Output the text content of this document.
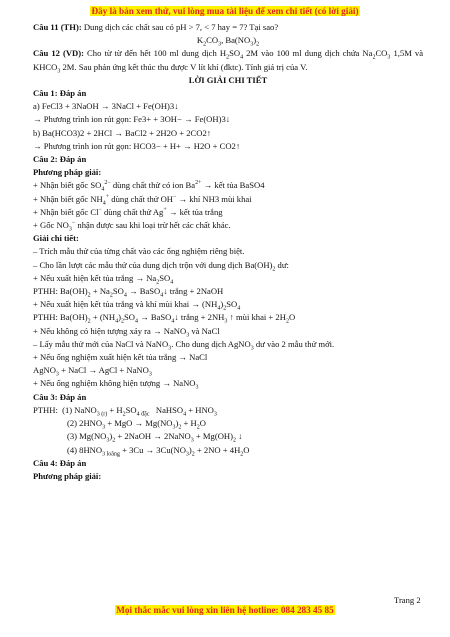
Đây là bản xem thử, vui lòng mua tài liệu để xem chi tiết (có lời giải)
Câu 11 (TH): Dung dịch các chất sau có pH > 7, < 7 hay = 7? Tại sao?
$K_2CO_3$, $Ba(NO_3)_2$
Câu 12 (VD): Cho từ từ đến hết 100 ml dung dịch $H_2SO_4$ 2M vào 100 ml dung dịch chứa $Na_2CO_3$ 1,5M và $KHCO_3$ 2M. Sau phản ứng kết thúc thu được V lít khí (đktc). Tính giá trị của V.
LỜI GIẢI CHI TIẾT
Câu 1: Đáp án
a) FeCl3 + 3NaOH → 3NaCl + Fe(OH)3↓
→ Phương trình ion rút gọn: Fe3+ + 3OH− → Fe(OH)3↓
b) Ba(HCO3)2 + 2HCl → BaCl2 + 2H2O + 2CO2↑
→ Phương trình ion rút gọn: HCO3− + H+ → H2O + CO2↑
Câu 2: Đáp án
Phương pháp giải:
+ Nhận biết gốc $SO_4^{2-}$ dùng chất thử có ion $Ba^{2+}$ → kết tủa BaSO4
+ Nhận biết gốc $NH_4^+$ dùng chất thử OH− → khí NH3 mùi khai
+ Nhận biết gốc Cl− dùng chất thử Ag+ → kết tủa trắng
+ Gốc $NO_3^-$ nhận được sau khi loại trừ hết các chất khác.
Giải chi tiết:
– Trích mẫu thử của từng chất vào các ống nghiệm riêng biệt.
– Cho lần lượt các mẫu thử của dung dịch trộn với dung dịch $Ba(OH)_2$ dư:
+ Nếu xuất hiện kết tủa trắng → $Na_2SO_4$
PTHH: $Ba(OH)_2 + Na_2SO_4$ → BaSO$_4$↓ trắng + 2NaOH
+ Nếu xuất hiện kết tủa trắng và khí mùi khai → $(NH_4)_2SO_4$
PTHH: $Ba(OH)_2 + (NH_4)_2SO_4$ → BaSO$_4$↓ trắng + $2NH_3$ ↑ mùi khai + $2H_2O$
+ Nếu không có hiện tượng xảy ra → NaNO$_3$ và NaCl
– Lấy mẫu thử mới của NaCl và NaNO$_3$. Cho dung dịch AgNO$_3$ dư vào 2 mẫu thử mới.
+ Nếu ống nghiệm xuất hiện kết tủa trắng → NaCl
AgNO$_3$ + NaCl → AgCl + NaNO$_3$
+ Nếu ống nghiệm không hiện tượng → NaNO$_3$
Câu 3: Đáp án
PTHH:  (1) NaNO$_{3 (r)}$ + $H_2SO_{4 đặc}$   NaHSO$_4$ + $HNO_3$
(2) $2HNO_3$ + MgO → $Mg(NO_3)_2 + H_2O$
(3) $Mg(NO_3)_2$ + 2NaOH → 2NaNO$_3$ + $Mg(OH)_2$ ↓
(4) $8HNO_{3 loãng} + 3Cu \to 3Cu(NO_3)_2 + 2NO + 4H_2O$
Câu 4: Đáp án
Phương pháp giải:
Trang 2
Mọi thắc mắc vui lòng xin liên hệ hotline: 084 283 45 85
